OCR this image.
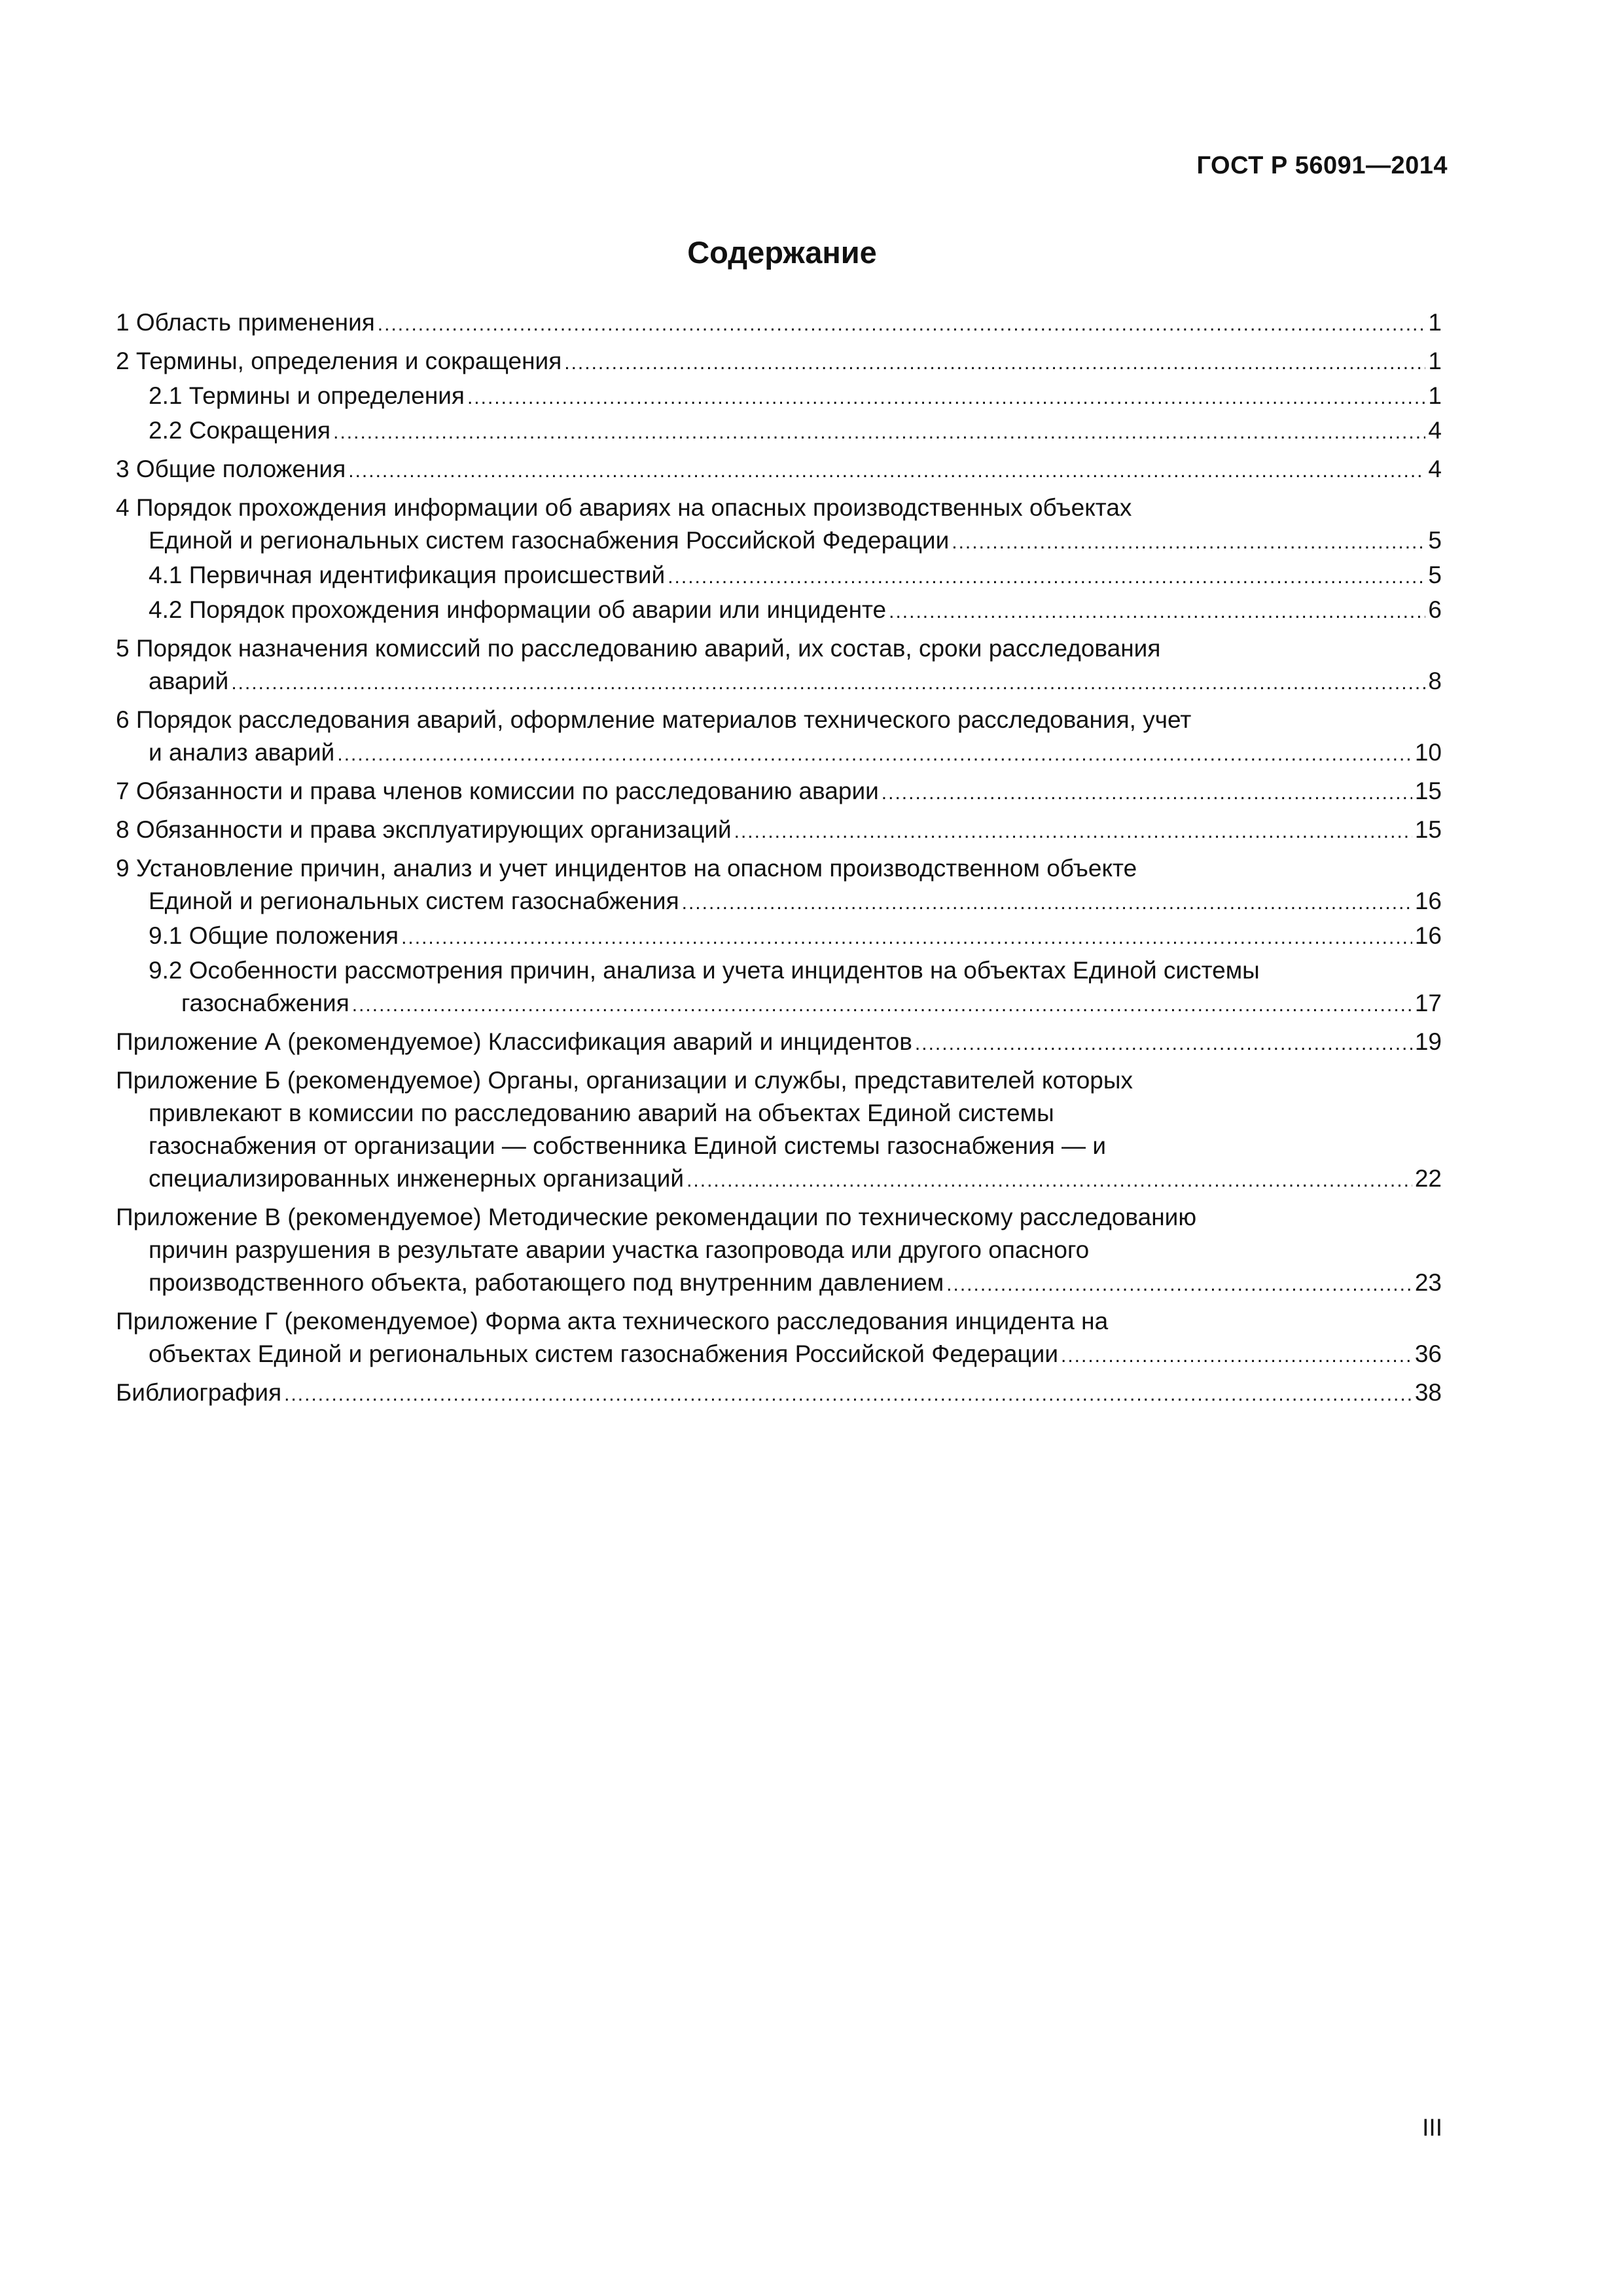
ГОСТ Р 56091—2014
Содержание
1 Область применения .....	1
2 Термины, определения и сокращения .....	1
2.1 Термины и определения .....	1
2.2 Сокращения .....	4
3 Общие положения .....	4
4 Порядок прохождения информации об авариях на опасных производственных объектах
Единой и региональных систем газоснабжения Российской Федерации .....	5
4.1 Первичная идентификация происшествий .....	5
4.2 Порядок прохождения информации об аварии или инциденте .....	6
5 Порядок назначения комиссий по расследованию аварий, их состав, сроки расследования
аварий .....	8
6 Порядок расследования аварий, оформление материалов технического расследования, учет
и анализ аварий .....	10
7 Обязанности и права членов комиссии по расследованию аварии .....	15
8 Обязанности и права эксплуатирующих организаций .....	15
9 Установление причин, анализ и учет инцидентов на опасном производственном объекте
Единой и региональных систем газоснабжения .....	16
9.1 Общие положения .....	16
9.2 Особенности рассмотрения причин, анализа и учета инцидентов на объектах Единой системы
газоснабжения .....	17
Приложение А (рекомендуемое) Классификация аварий и инцидентов .....	19
Приложение Б (рекомендуемое) Органы, организации и службы, представителей которых
привлекают в комиссии по расследованию аварий на объектах Единой системы
газоснабжения от организации — собственника Единой системы газоснабжения — и
специализированных инженерных организаций .....	22
Приложение В (рекомендуемое) Методические рекомендации по техническому расследованию
причин разрушения в результате аварии участка газопровода или другого опасного
производственного объекта, работающего под внутренним давлением .....	23
Приложение Г (рекомендуемое) Форма акта технического расследования инцидента на
объектах Единой и региональных систем газоснабжения Российской Федерации .....	36
Библиография .....	38
III
